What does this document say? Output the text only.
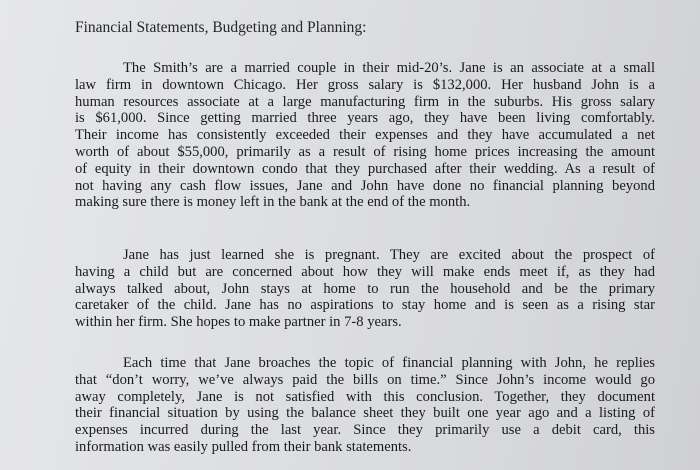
Financial Statements, Budgeting and Planning:

The Smith’s are a married couple in their mid-20’s. Jane is an associate at a small
law firm in downtown Chicago. Her gross salary is $132,000. Her husband John is a
human resources associate at a large manufacturing firm in the suburbs. His gross salary
is $61,000. Since getting married three years ago, they have been living comfortably.
Their income has consistently exceeded their expenses and they have accumulated a net
worth of about $55,000, primarily as a result of rising home prices increasing the amount
of equity in their downtown condo that they purchased after their wedding. As a result of
not having any cash flow issues, Jane and John have done no financial planning beyond
making sure there is money left in the bank at the end of the month.

Jane has just learned she is pregnant. They are excited about the prospect of
having a child but are concerned about how they will make ends meet if, as they had
always talked about, John stays at home to run the household and be the primary
caretaker of the child. Jane has no aspirations to stay home and is seen as a rising star
within her firm. She hopes to make partner in 7-8 years.

Each time that Jane broaches the topic of financial planning with John, he replies
that “don’t worry, we’ve always paid the bills on time.” Since John’s income would go
away completely, Jane is not satisfied with this conclusion. Together, they document
their financial situation by using the balance sheet they built one year ago and a listing of
expenses incurred during the last year. Since they primarily use a debit card, this
information was easily pulled from their bank statements.
